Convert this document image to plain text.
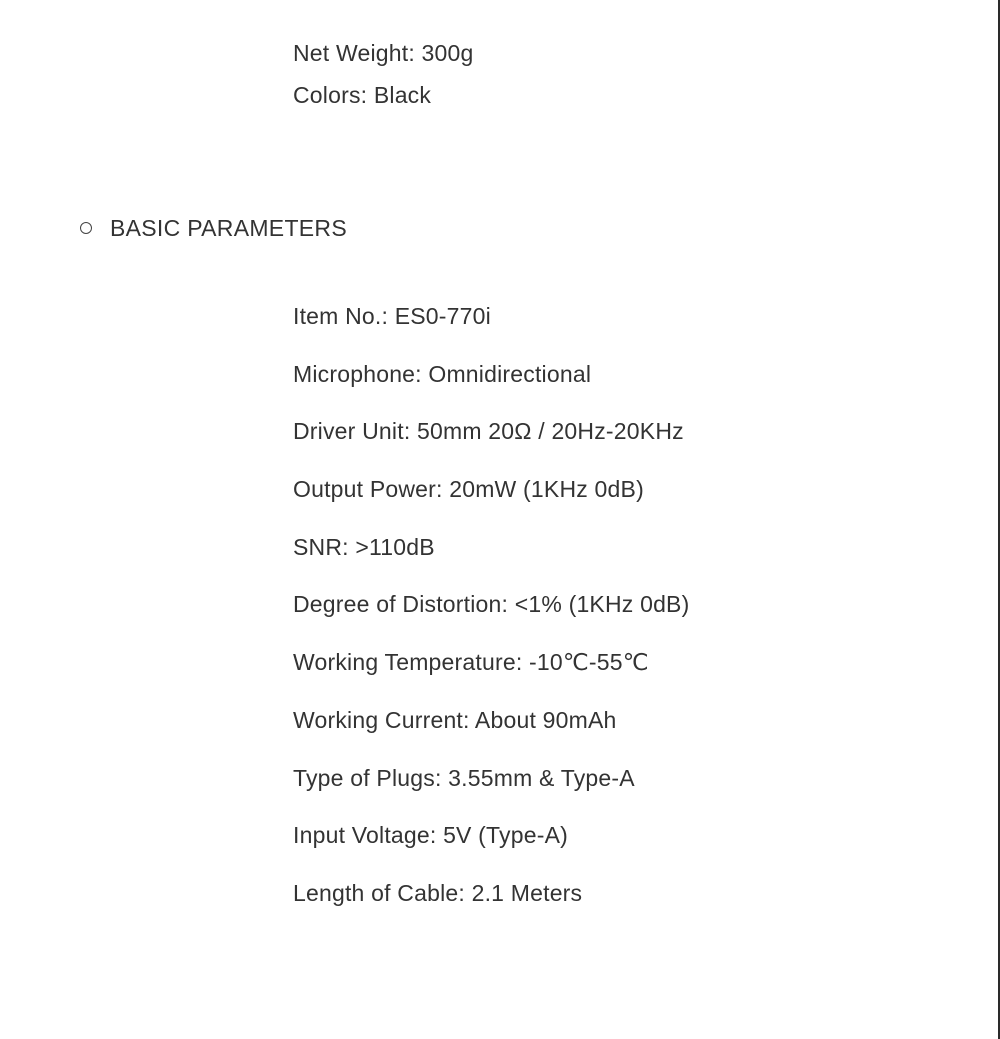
Net Weight: 300g
Colors: Black
BASIC PARAMETERS
Item No.: ES0-770i
Microphone: Omnidirectional
Driver Unit: 50mm 20Ω / 20Hz-20KHz
Output Power: 20mW (1KHz 0dB)
SNR: >110dB
Degree of Distortion: <1% (1KHz 0dB)
Working Temperature: -10℃-55℃
Working Current: About 90mAh
Type of Plugs: 3.55mm & Type-A
Input Voltage: 5V (Type-A)
Length of Cable: 2.1 Meters
